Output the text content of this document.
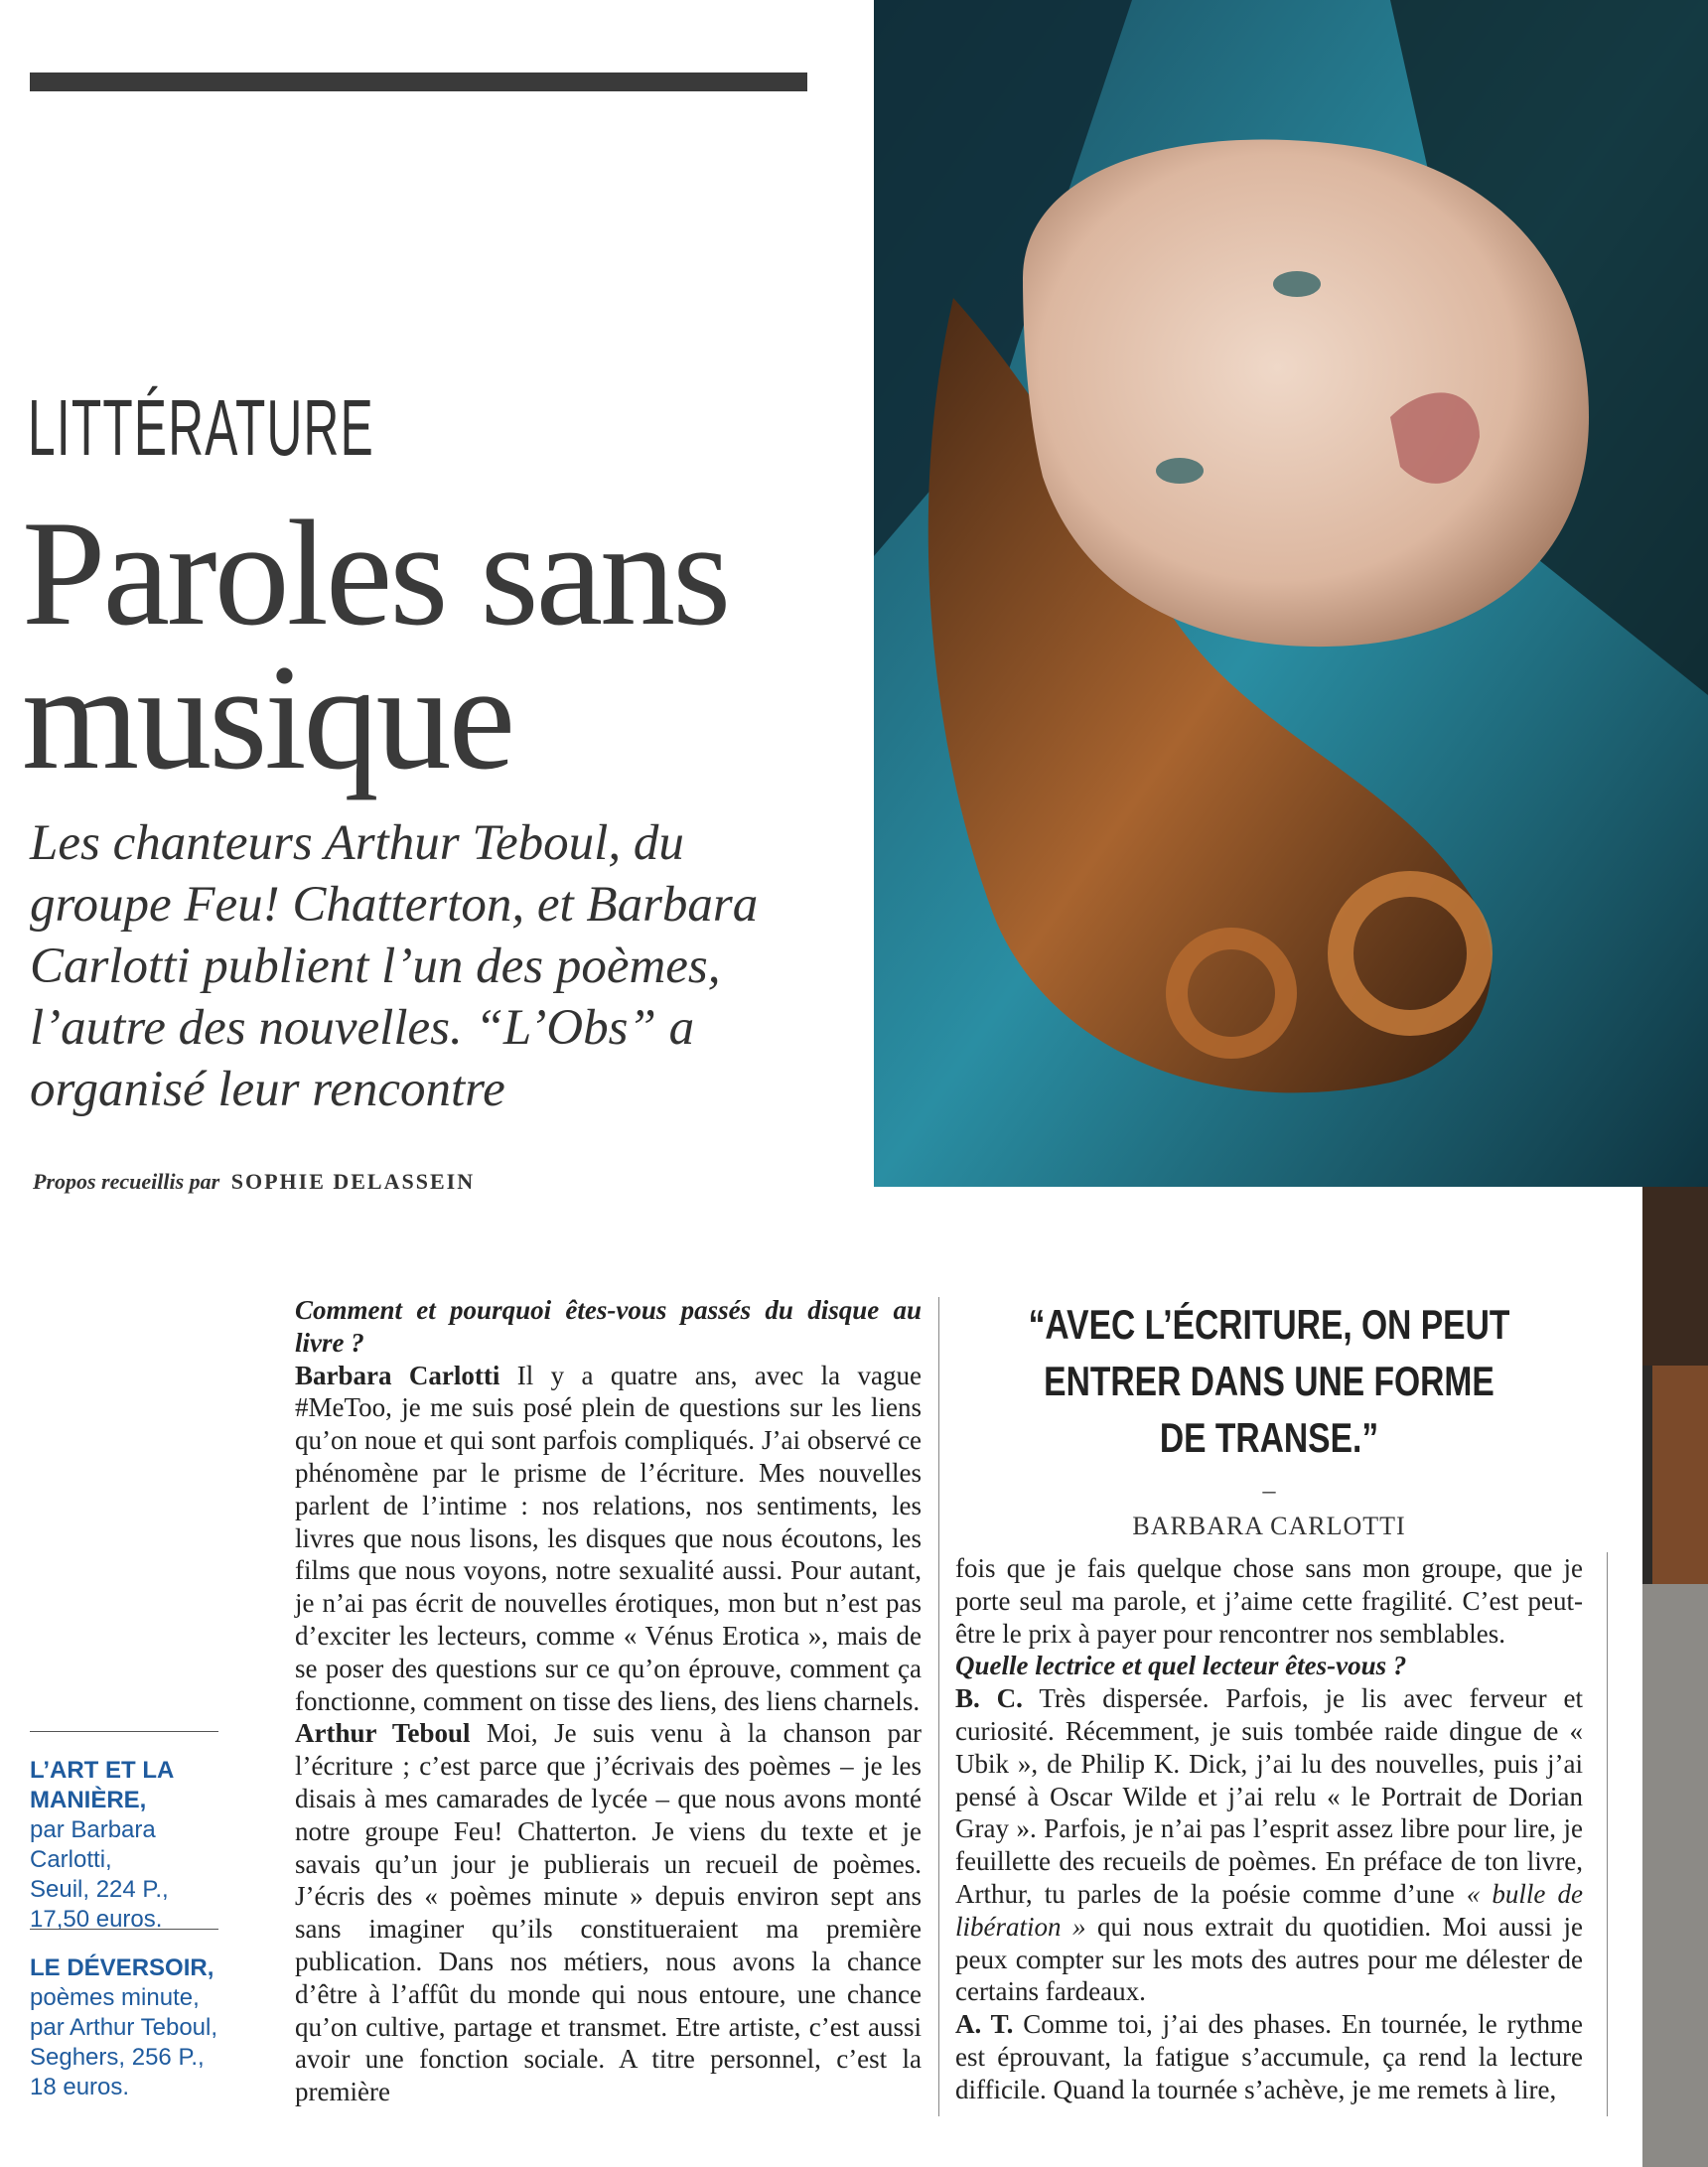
LITTÉRATURE
Paroles sans musique
Les chanteurs Arthur Teboul, du groupe Feu! Chatterton, et Barbara Carlotti publient l’un des poèmes, l’autre des nouvelles. “L’Obs” a organisé leur rencontre
Propos recueillis par SOPHIE DELASSEIN
L’ART ET LA MANIÈRE,
par Barbara Carlotti,
Seuil, 224 P.,
17,50 euros.
LE DÉVERSOIR,
poèmes minute,
par Arthur Teboul,
Seghers, 256 P.,
18 euros.

Comment et pourquoi êtes-vous passés du disque au livre ?

Barbara Carlotti Il y a quatre ans, avec la vague #MeToo, je me suis posé plein de questions sur les liens qu’on noue et qui sont parfois compliqués. J’ai observé ce phénomène par le prisme de l’écriture. Mes nouvelles parlent de l’intime : nos relations, nos sentiments, les livres que nous lisons, les disques que nous écoutons, les films que nous voyons, notre sexualité aussi. Pour autant, je n’ai pas écrit de nouvelles érotiques, mon but n’est pas d’exciter les lecteurs, comme « Vénus Erotica », mais de se poser des questions sur ce qu’on éprouve, comment ça fonctionne, comment on tisse des liens, des liens charnels.

Arthur Teboul Moi, Je suis venu à la chanson par l’écriture ; c’est parce que j’écrivais des poèmes – je les disais à mes camarades de lycée – que nous avons monté notre groupe Feu! Chatterton. Je viens du texte et je savais qu’un jour je publierais un recueil de poèmes. J’écris des « poèmes minute » depuis environ sept ans sans imaginer qu’ils constitueraient ma première publication. Dans nos métiers, nous avons la chance d’être à l’affût du monde qui nous entoure, une chance qu’on cultive, partage et transmet. Etre artiste, c’est aussi avoir une fonction sociale. A titre personnel, c’est la première

“AVEC L’ÉCRITURE, ON PEUT ENTRER DANS UNE FORME DE TRANSE.”
–
BARBARA CARLOTTI

fois que je fais quelque chose sans mon groupe, que je porte seul ma parole, et j’aime cette fragilité. C’est peut-être le prix à payer pour rencontrer nos semblables.

Quelle lectrice et quel lecteur êtes-vous ?

B. C. Très dispersée. Parfois, je lis avec ferveur et curiosité. Récemment, je suis tombée raide dingue de « Ubik », de Philip K. Dick, j’ai lu des nouvelles, puis j’ai pensé à Oscar Wilde et j’ai relu « le Portrait de Dorian Gray ». Parfois, je n’ai pas l’esprit assez libre pour lire, je feuillette des recueils de poèmes. En préface de ton livre, Arthur, tu parles de la poésie comme d’une « bulle de libération » qui nous extrait du quotidien. Moi aussi je peux compter sur les mots des autres pour me délester de certains fardeaux.

A. T. Comme toi, j’ai des phases. En tournée, le rythme est éprouvant, la fatigue s’accumule, ça rend la lecture difficile. Quand la tournée s’achève, je me remets à lire,
